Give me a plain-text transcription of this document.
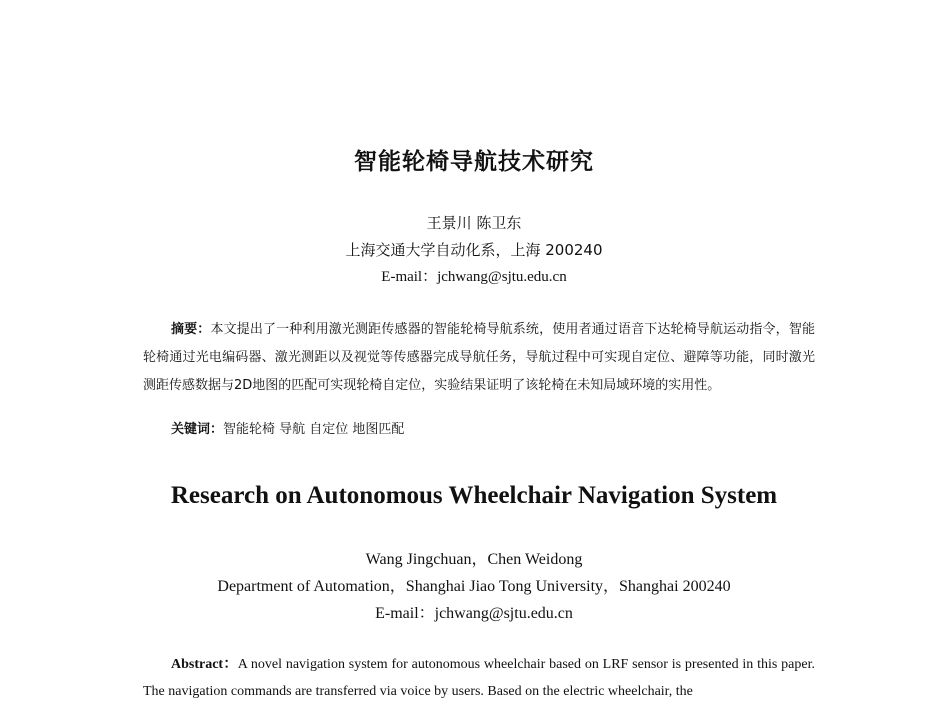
智能轮椅导航技术研究
王景川 陈卫东
上海交通大学自动化系，上海 200240
E-mail：jchwang@sjtu.edu.cn
摘要：本文提出了一种利用激光测距传感器的智能轮椅导航系统，使用者通过语音下达轮椅导航运动指令，智能轮椅通过光电编码器、激光测距以及视觉等传感器完成导航任务，导航过程中可实现自定位、避障等功能，同时激光测距传感数据与2D地图的匹配可实现轮椅自定位，实验结果证明了该轮椅在未知局域环境的实用性。
关键词：智能轮椅 导航 自定位 地图匹配
Research on Autonomous Wheelchair Navigation System
Wang Jingchuan，Chen Weidong
Department of Automation，Shanghai Jiao Tong University，Shanghai 200240
E-mail：jchwang@sjtu.edu.cn
Abstract：A novel navigation system for autonomous wheelchair based on LRF sensor is presented in this paper. The navigation commands are transferred via voice by users. Based on the electric wheelchair, the
